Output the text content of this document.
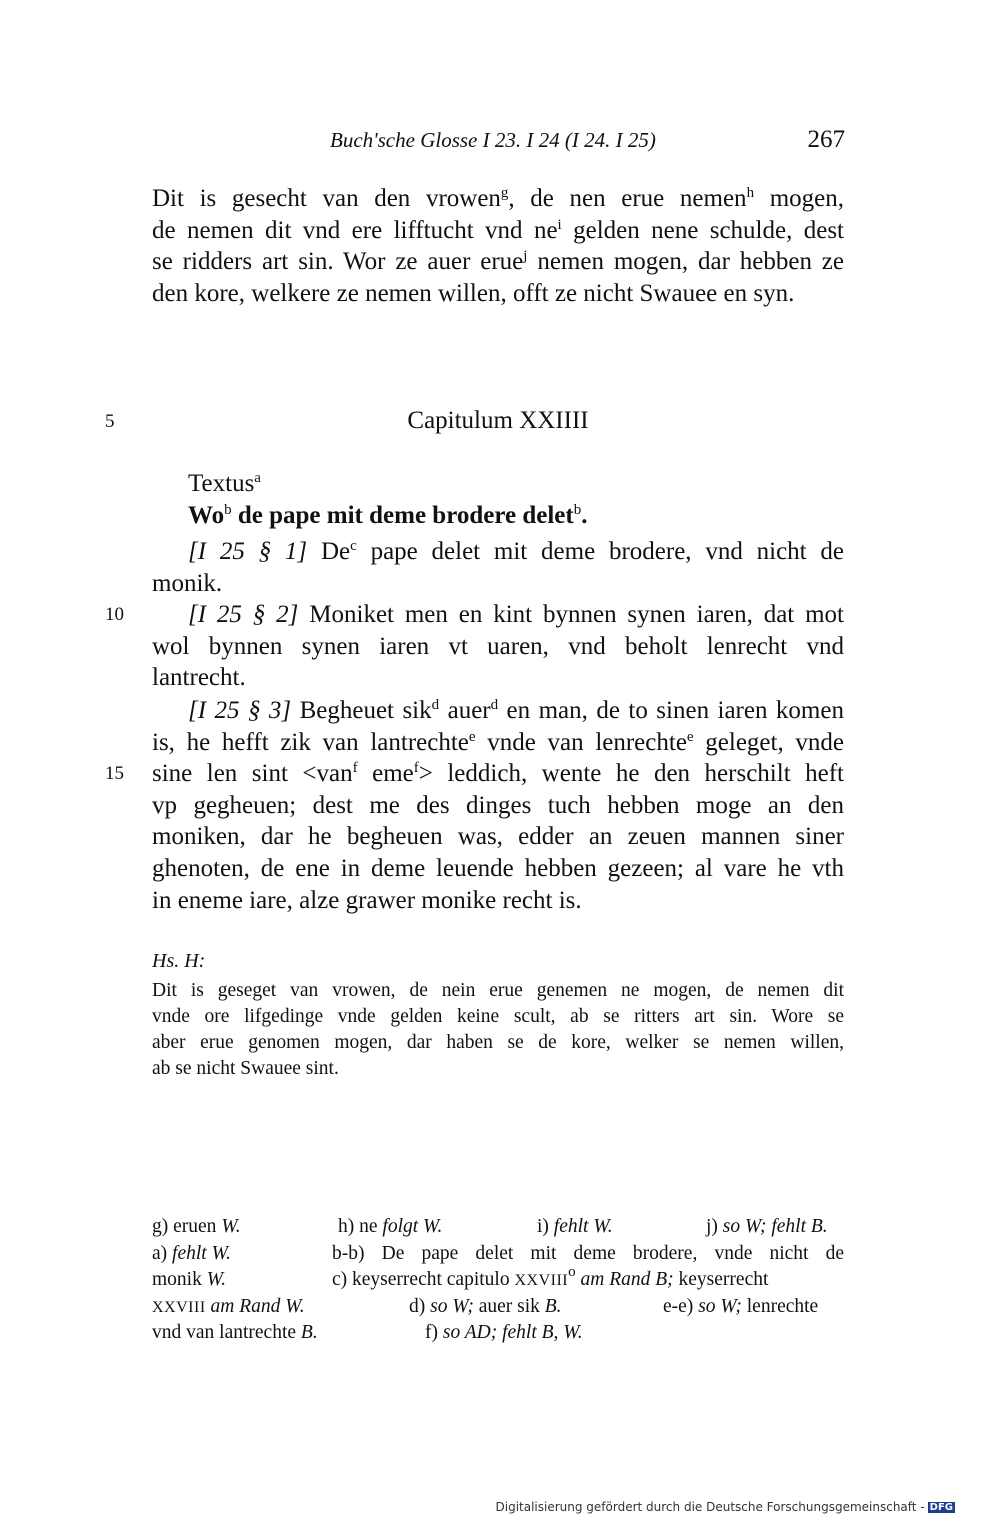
Buch'sche Glosse I 23. I 24 (I 24. I 25)	267
Dit is gesecht van den vrowen$^g$, de nen erue nemen$^h$ mogen,
de nemen dit vnd ere lifftucht vnd $ne^i$ gelden nene schulde, dest
se ridders art sin. Wor ze auer erue$^j$ nemen mogen, dar hebben ze
den kore, welkere ze nemen willen, offt ze nicht Swauee en syn.
5
10
15
Capitulum XXIIII
Textus$^a$
Wo$^b$ de pape mit deme brodere delet$^b$.
[I 25 § 1] De$^c$ pape delet mit deme brodere, vnd nicht de
monik.
[I 25 § 2] Moniket men en kint bynnen synen iaren, dat mot
wol bynnen synen iaren vt uaren, vnd beholt lenrecht vnd
lantrecht.
[I 25 § 3] Begheuet sik$^d$ auer$^d$ en man, de to sinen iaren komen
is, he hefft zik van lantrechte$^e$ vnde van lenrechte$^e$ geleget, vnde
sine len sint <van$^f$ eme$^f$> leddich, wente he den herschilt heft
vp gegheuen; dest me des dinges tuch hebben moge an den
moniken, dar he begheuen was, edder an zeuen mannen siner
ghenoten, de ene in deme leuende hebben gezeen; al vare he vth
in eneme iare, alze grawer monike recht is.
Hs. H:
Dit is geseget van vrowen, de nein erue genemen ne mogen, de nemen dit
vnde ore lifgedinge vnde gelden keine scult, ab se ritters art sin. Wore se
aber erue genomen mogen, dar haben se de kore, welker se nemen willen,
ab se nicht Swauee sint.
g) eruen W.	h) ne folgt W.	i) fehlt W.	j) so W; fehlt B.
a) fehlt W.	b-b) De pape delet mit deme brodere, vnde nicht de
monik W.	c) keyserrecht capitulo XXVIII$^o$ am Rand B; keyserrecht
XXVIII am Rand W.	d) so W; auer sik B.	e-e) so W; lenrechte
vnd van lantrechte B.	f) so AD; fehlt B, W.
Digitalisierung gefördert durch die Deutsche Forschungsgemeinschaft - DFG
